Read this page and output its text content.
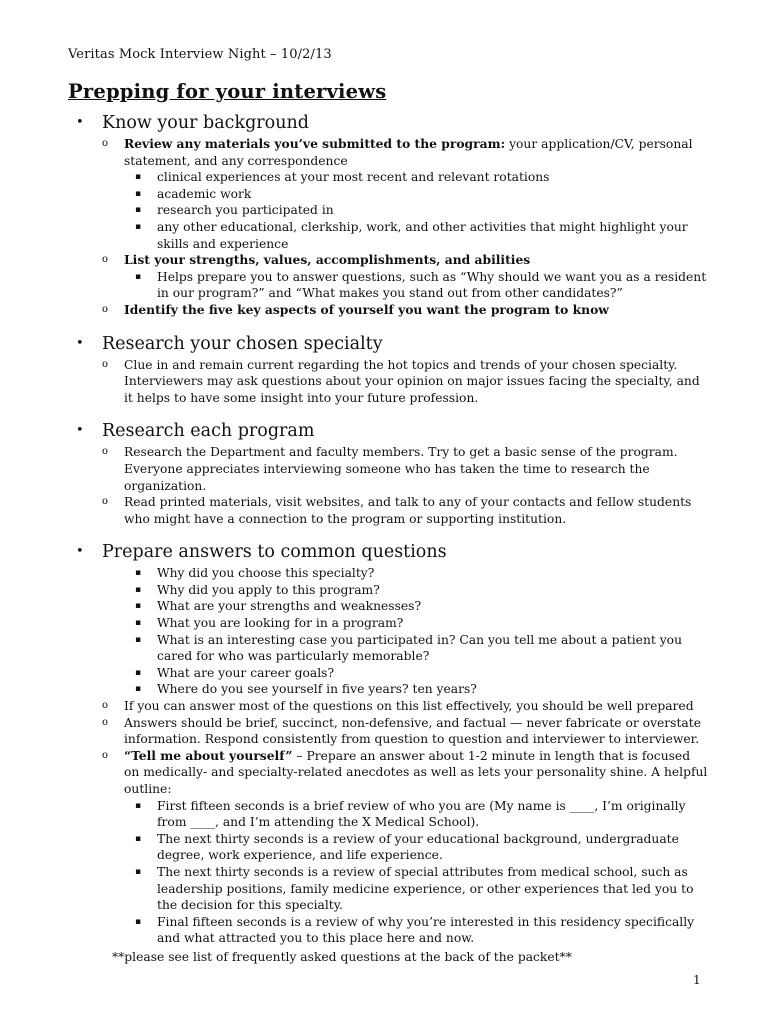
Veritas Mock Interview Night – 10/2/13
Prepping for your interviews
• Know your background
o Review any materials you’ve submitted to the program: your application/CV, personal statement, and any correspondence
▪ clinical experiences at your most recent and relevant rotations
▪ academic work
▪ research you participated in
▪ any other educational, clerkship, work, and other activities that might highlight your skills and experience
o List your strengths, values, accomplishments, and abilities
▪ Helps prepare you to answer questions, such as “Why should we want you as a resident in our program?” and “What makes you stand out from other candidates?”
o Identify the five key aspects of yourself you want the program to know
• Research your chosen specialty
o Clue in and remain current regarding the hot topics and trends of your chosen specialty. Interviewers may ask questions about your opinion on major issues facing the specialty, and it helps to have some insight into your future profession.
• Research each program
o Research the Department and faculty members. Try to get a basic sense of the program. Everyone appreciates interviewing someone who has taken the time to research the organization.
o Read printed materials, visit websites, and talk to any of your contacts and fellow students who might have a connection to the program or supporting institution.
• Prepare answers to common questions
▪ Why did you choose this specialty?
▪ Why did you apply to this program?
▪ What are your strengths and weaknesses?
▪ What you are looking for in a program?
▪ What is an interesting case you participated in? Can you tell me about a patient you cared for who was particularly memorable?
▪ What are your career goals?
▪ Where do you see yourself in five years? ten years?
o If you can answer most of the questions on this list effectively, you should be well prepared
o Answers should be brief, succinct, non-defensive, and factual — never fabricate or overstate information. Respond consistently from question to question and interviewer to interviewer.
o “Tell me about yourself” – Prepare an answer about 1-2 minute in length that is focused on medically- and specialty-related anecdotes as well as lets your personality shine. A helpful outline:
▪ First fifteen seconds is a brief review of who you are (My name is ____, I’m originally from ____, and I’m attending the X Medical School).
▪ The next thirty seconds is a review of your educational background, undergraduate degree, work experience, and life experience.
▪ The next thirty seconds is a review of special attributes from medical school, such as leadership positions, family medicine experience, or other experiences that led you to the decision for this specialty.
▪ Final fifteen seconds is a review of why you’re interested in this residency specifically and what attracted you to this place here and now.
**please see list of frequently asked questions at the back of the packet**
1
